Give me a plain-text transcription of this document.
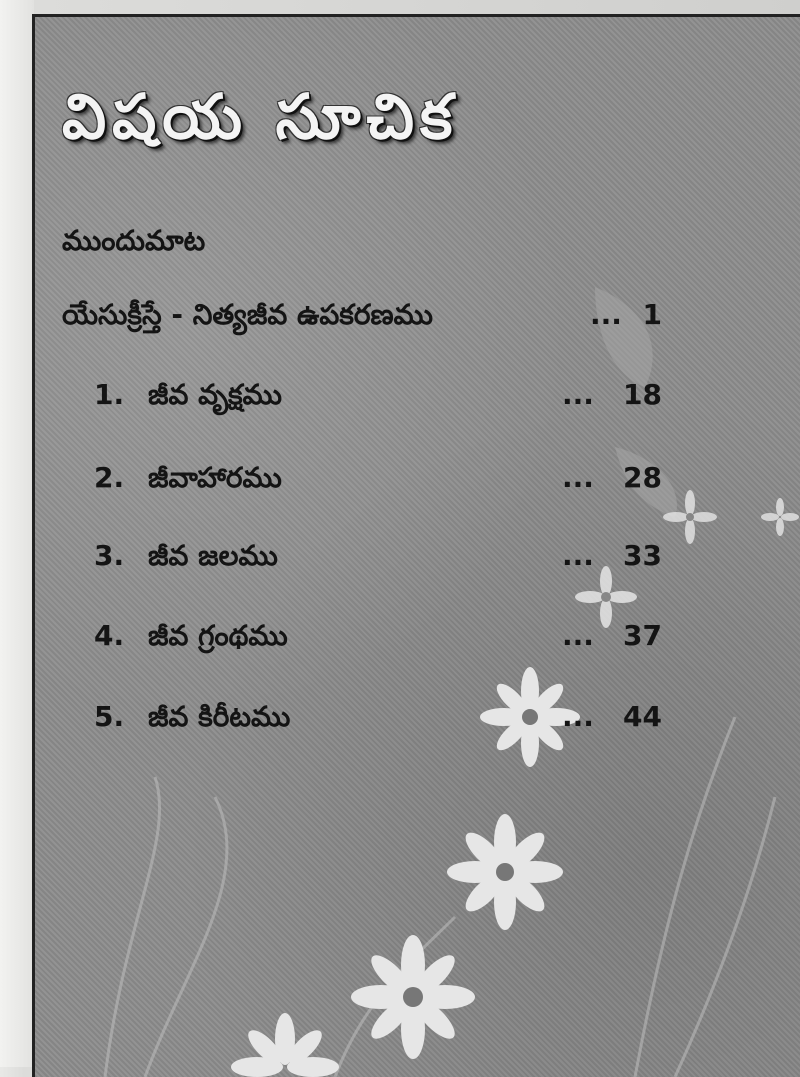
విషయ సూచిక
ముందుమాట
యేసుక్రీస్తే - నిత్యజీవ ఉపకరణము	... 1
1. జీవ వృక్షము	... 18
2. జీవాహారము	... 28
3. జీవ జలము	... 33
4. జీవ గ్రంథము	... 37
5. జీవ కిరీటము	... 44
